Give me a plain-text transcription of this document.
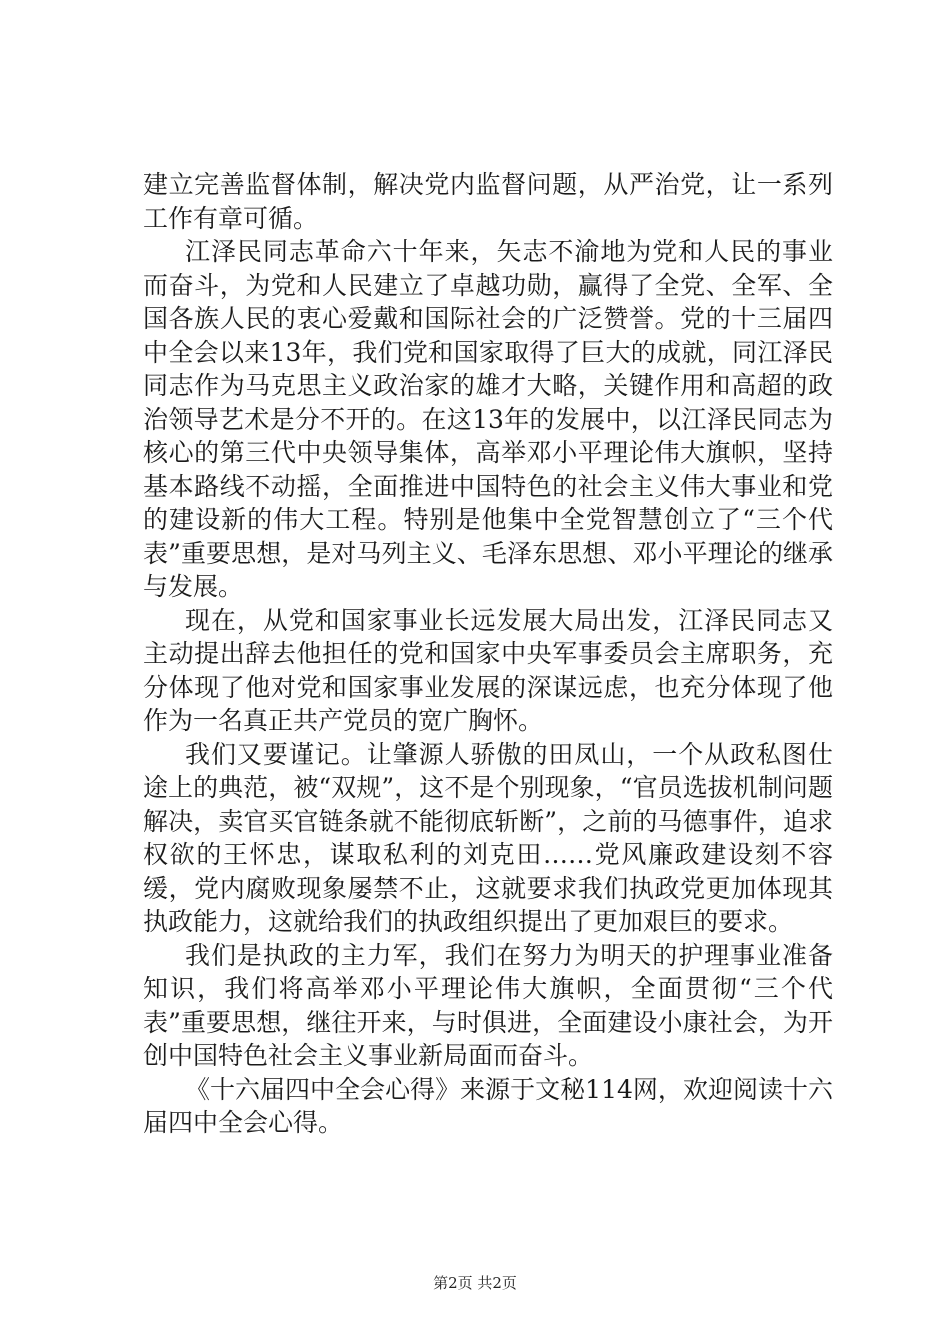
建立完善监督体制，解决党内监督问题，从严治党，让一系列工作有章可循。

江泽民同志革命六十年来，矢志不渝地为党和人民的事业而奋斗，为党和人民建立了卓越功勋，赢得了全党、全军、全国各族人民的衷心爱戴和国际社会的广泛赞誉。党的十三届四中全会以来13年，我们党和国家取得了巨大的成就，同江泽民同志作为马克思主义政治家的雄才大略，关键作用和高超的政治领导艺术是分不开的。在这13年的发展中，以江泽民同志为核心的第三代中央领导集体，高举邓小平理论伟大旗帜，坚持基本路线不动摇，全面推进中国特色的社会主义伟大事业和党的建设新的伟大工程。特别是他集中全党智慧创立了“三个代表”重要思想，是对马列主义、毛泽东思想、邓小平理论的继承与发展。

现在，从党和国家事业长远发展大局出发，江泽民同志又主动提出辞去他担任的党和国家中央军事委员会主席职务，充分体现了他对党和国家事业发展的深谋远虑，也充分体现了他作为一名真正共产党员的宽广胸怀。

我们又要谨记。让肇源人骄傲的田凤山，一个从政私图仕途上的典范，被“双规”，这不是个别现象，“官员选拔机制问题解决，卖官买官链条就不能彻底斩断”，之前的马德事件，追求权欲的王怀忠，谋取私利的刘克田……党风廉政建设刻不容缓，党内腐败现象屡禁不止，这就要求我们执政党更加体现其执政能力，这就给我们的执政组织提出了更加艰巨的要求。

我们是执政的主力军，我们在努力为明天的护理事业准备知识，我们将高举邓小平理论伟大旗帜，全面贯彻“三个代表”重要思想，继往开来，与时俱进，全面建设小康社会，为开创中国特色社会主义事业新局面而奋斗。

《十六届四中全会心得》来源于文秘114网，欢迎阅读十六届四中全会心得。

第2页 共2页
